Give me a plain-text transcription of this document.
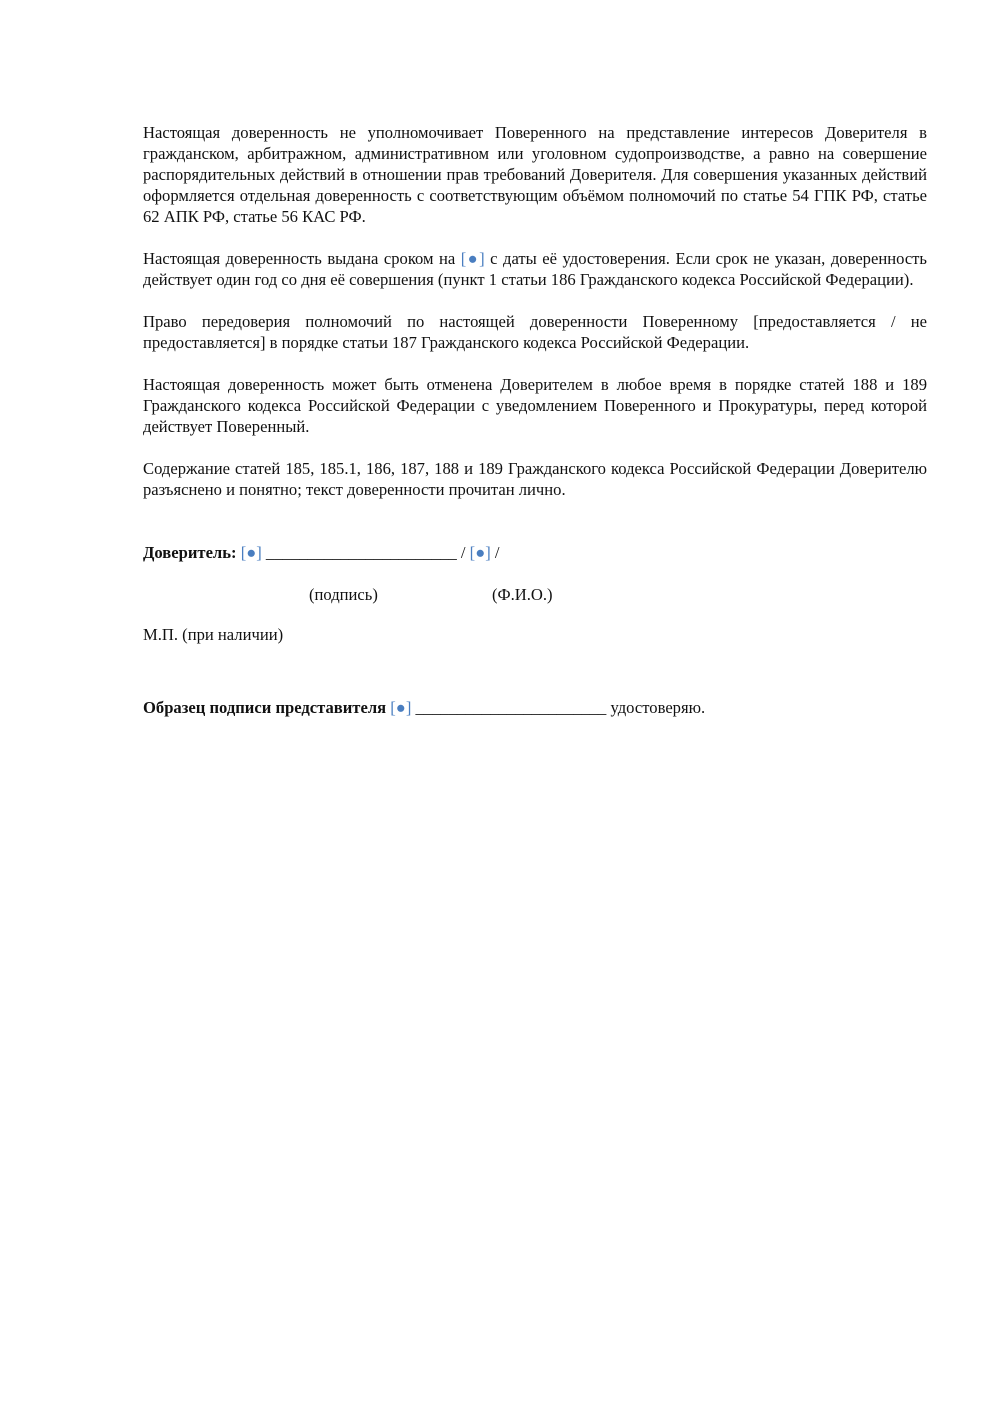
Настоящая доверенность не уполномочивает Поверенного на представление интересов Доверителя в гражданском, арбитражном, административном или уголовном судопроизводстве, а равно на совершение распорядительных действий в отношении прав требований Доверителя. Для совершения указанных действий оформляется отдельная доверенность с соответствующим объёмом полномочий по статье 54 ГПК РФ, статье 62 АПК РФ, статье 56 КАС РФ.

Настоящая доверенность выдана сроком на [●] с даты её удостоверения. Если срок не указан, доверенность действует один год со дня её совершения (пункт 1 статьи 186 Гражданского кодекса Российской Федерации).

Право передоверия полномочий по настоящей доверенности Поверенному [предоставляется / не предоставляется] в порядке статьи 187 Гражданского кодекса Российской Федерации.

Настоящая доверенность может быть отменена Доверителем в любое время в порядке статей 188 и 189 Гражданского кодекса Российской Федерации с уведомлением Поверенного и Прокуратуры, перед которой действует Поверенный.

Содержание статей 185, 185.1, 186, 187, 188 и 189 Гражданского кодекса Российской Федерации Доверителю разъяснено и понятно; текст доверенности прочитан лично.

Доверитель: [●] _______________________ / [●] /

(подпись)	(Ф.И.О.)

М.П. (при наличии)

Образец подписи представителя [●] _______________________ удостоверяю.
